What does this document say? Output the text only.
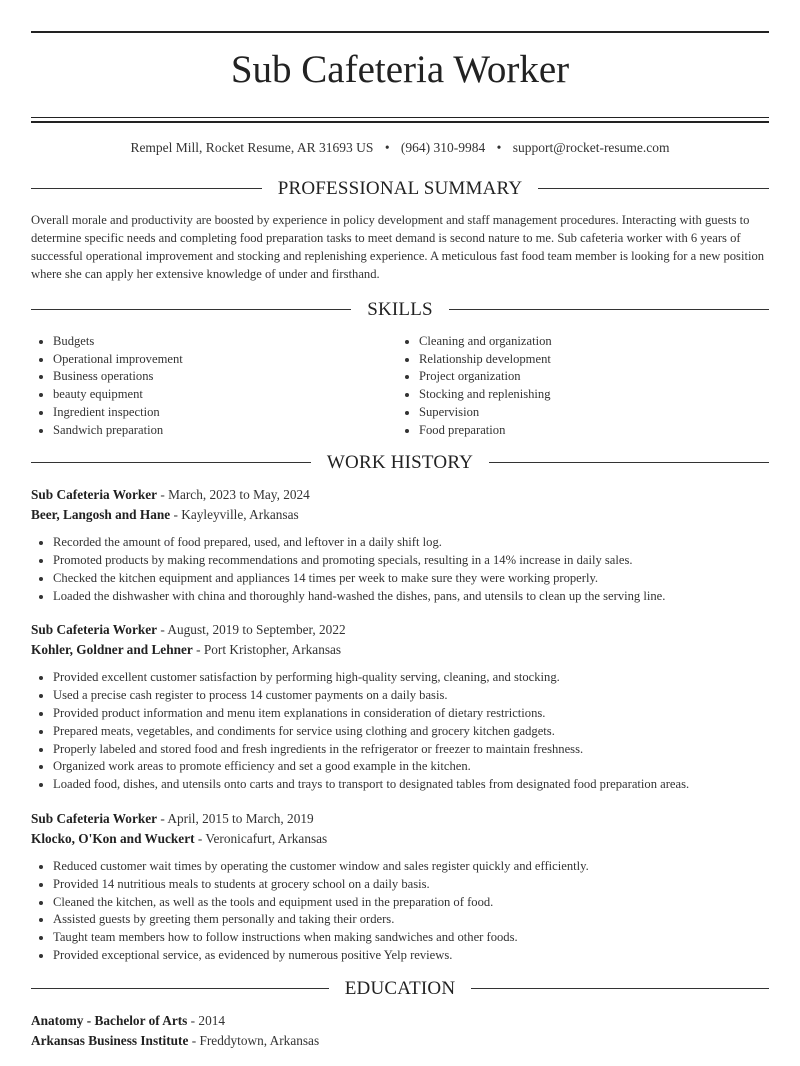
Sub Cafeteria Worker
Rempel Mill, Rocket Resume, AR 31693 US • (964) 310-9984 • support@rocket-resume.com
PROFESSIONAL SUMMARY
Overall morale and productivity are boosted by experience in policy development and staff management procedures. Interacting with guests to determine specific needs and completing food preparation tasks to meet demand is second nature to me. Sub cafeteria worker with 6 years of successful operational improvement and stocking and replenishing experience. A meticulous fast food team member is looking for a new position where she can apply her extensive knowledge of under and firsthand.
SKILLS
• Budgets
• Operational improvement
• Business operations
• beauty equipment
• Ingredient inspection
• Sandwich preparation
• Cleaning and organization
• Relationship development
• Project organization
• Stocking and replenishing
• Supervision
• Food preparation
WORK HISTORY
Sub Cafeteria Worker - March, 2023 to May, 2024
Beer, Langosh and Hane - Kayleyville, Arkansas
• Recorded the amount of food prepared, used, and leftover in a daily shift log.
• Promoted products by making recommendations and promoting specials, resulting in a 14% increase in daily sales.
• Checked the kitchen equipment and appliances 14 times per week to make sure they were working properly.
• Loaded the dishwasher with china and thoroughly hand-washed the dishes, pans, and utensils to clean up the serving line.
Sub Cafeteria Worker - August, 2019 to September, 2022
Kohler, Goldner and Lehner - Port Kristopher, Arkansas
• Provided excellent customer satisfaction by performing high-quality serving, cleaning, and stocking.
• Used a precise cash register to process 14 customer payments on a daily basis.
• Provided product information and menu item explanations in consideration of dietary restrictions.
• Prepared meats, vegetables, and condiments for service using clothing and grocery kitchen gadgets.
• Properly labeled and stored food and fresh ingredients in the refrigerator or freezer to maintain freshness.
• Organized work areas to promote efficiency and set a good example in the kitchen.
• Loaded food, dishes, and utensils onto carts and trays to transport to designated tables from designated food preparation areas.
Sub Cafeteria Worker - April, 2015 to March, 2019
Klocko, O'Kon and Wuckert - Veronicafurt, Arkansas
• Reduced customer wait times by operating the customer window and sales register quickly and efficiently.
• Provided 14 nutritious meals to students at grocery school on a daily basis.
• Cleaned the kitchen, as well as the tools and equipment used in the preparation of food.
• Assisted guests by greeting them personally and taking their orders.
• Taught team members how to follow instructions when making sandwiches and other foods.
• Provided exceptional service, as evidenced by numerous positive Yelp reviews.
EDUCATION
Anatomy - Bachelor of Arts - 2014
Arkansas Business Institute - Freddytown, Arkansas
